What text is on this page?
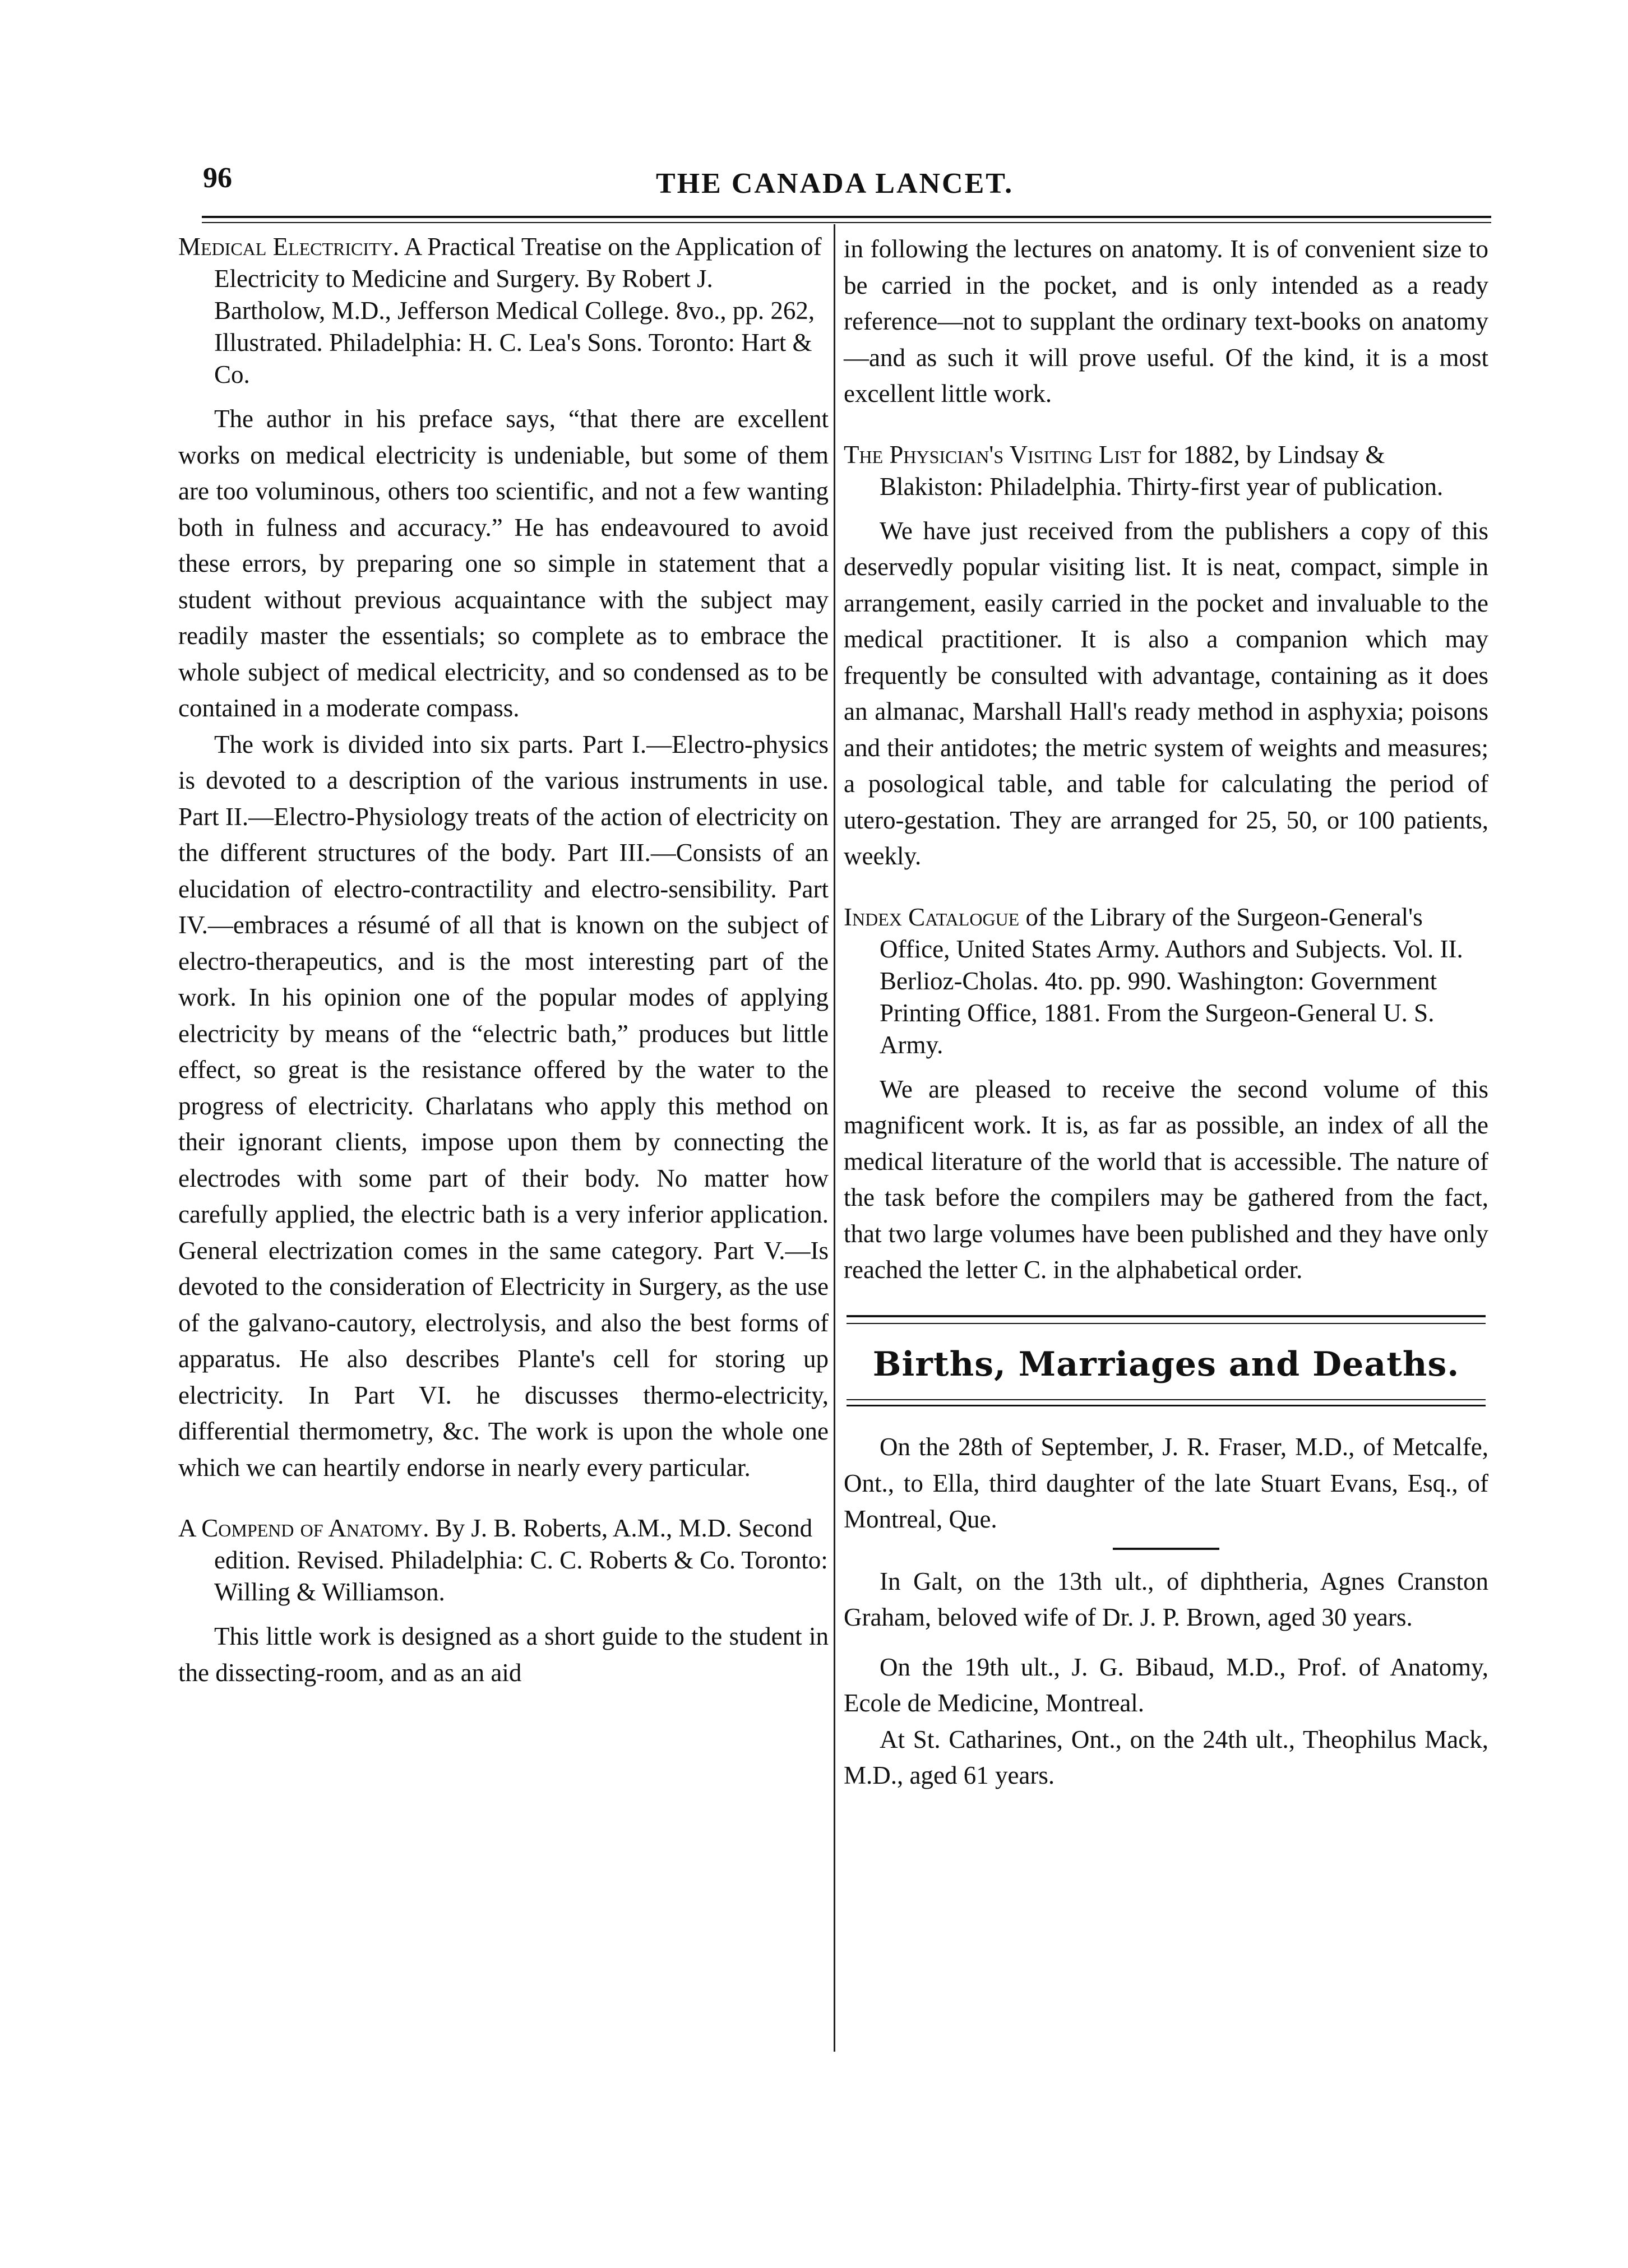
96	THE CANADA LANCET.

Medical Electricity. A Practical Treatise on the Application of Electricity to Medicine and Surgery. By Robert J. Bartholow, M.D., Jefferson Medical College. 8vo., pp. 262, Illustrated. Philadelphia: H. C. Lea's Sons. Toronto: Hart & Co.

The author in his preface says, “that there are excellent works on medical electricity is undeniable, but some of them are too voluminous, others too scientific, and not a few wanting both in fulness and accuracy.” He has endeavoured to avoid these errors, by preparing one so simple in statement that a student without previous acquaintance with the subject may readily master the essentials; so complete as to embrace the whole subject of medical electricity, and so condensed as to be contained in a moderate compass.

The work is divided into six parts. Part I.—Electro-physics is devoted to a description of the various instruments in use. Part II.—Electro-Physiology treats of the action of electricity on the different structures of the body. Part III.—Consists of an elucidation of electro-contractility and electro-sensibility. Part IV.—embraces a résumé of all that is known on the subject of electro-therapeutics, and is the most interesting part of the work. In his opinion one of the popular modes of applying electricity by means of the “electric bath,” produces but little effect, so great is the resistance offered by the water to the progress of electricity. Charlatans who apply this method on their ignorant clients, impose upon them by connecting the electrodes with some part of their body. No matter how carefully applied, the electric bath is a very inferior application. General electrization comes in the same category. Part V.—Is devoted to the consideration of Electricity in Surgery, as the use of the galvano-cautory, electrolysis, and also the best forms of apparatus. He also describes Plante's cell for storing up electricity. In Part VI. he discusses thermo-electricity, differential thermometry, &c. The work is upon the whole one which we can heartily endorse in nearly every particular.

A Compend of Anatomy. By J. B. Roberts, A.M., M.D. Second edition. Revised. Philadelphia: C. C. Roberts & Co. Toronto: Willing & Williamson.

This little work is designed as a short guide to the student in the dissecting-room, and as an aid

in following the lectures on anatomy. It is of convenient size to be carried in the pocket, and is only intended as a ready reference—not to supplant the ordinary text-books on anatomy—and as such it will prove useful. Of the kind, it is a most excellent little work.

The Physician's Visiting List for 1882, by Lindsay & Blakiston: Philadelphia. Thirty-first year of publication.

We have just received from the publishers a copy of this deservedly popular visiting list. It is neat, compact, simple in arrangement, easily carried in the pocket and invaluable to the medical practitioner. It is also a companion which may frequently be consulted with advantage, containing as it does an almanac, Marshall Hall's ready method in asphyxia; poisons and their antidotes; the metric system of weights and measures; a posological table, and table for calculating the period of utero-gestation. They are arranged for 25, 50, or 100 patients, weekly.

Index Catalogue of the Library of the Surgeon-General's Office, United States Army. Authors and Subjects. Vol. II. Berlioz-Cholas. 4to. pp. 990. Washington: Government Printing Office, 1881. From the Surgeon-General U. S. Army.

We are pleased to receive the second volume of this magnificent work. It is, as far as possible, an index of all the medical literature of the world that is accessible. The nature of the task before the compilers may be gathered from the fact, that two large volumes have been published and they have only reached the letter C. in the alphabetical order.

Births, Marriages and Deaths.

On the 28th of September, J. R. Fraser, M.D., of Metcalfe, Ont., to Ella, third daughter of the late Stuart Evans, Esq., of Montreal, Que.

In Galt, on the 13th ult., of diphtheria, Agnes Cranston Graham, beloved wife of Dr. J. P. Brown, aged 30 years.

On the 19th ult., J. G. Bibaud, M.D., Prof. of Anatomy, Ecole de Medicine, Montreal.

At St. Catharines, Ont., on the 24th ult., Theophilus Mack, M.D., aged 61 years.
